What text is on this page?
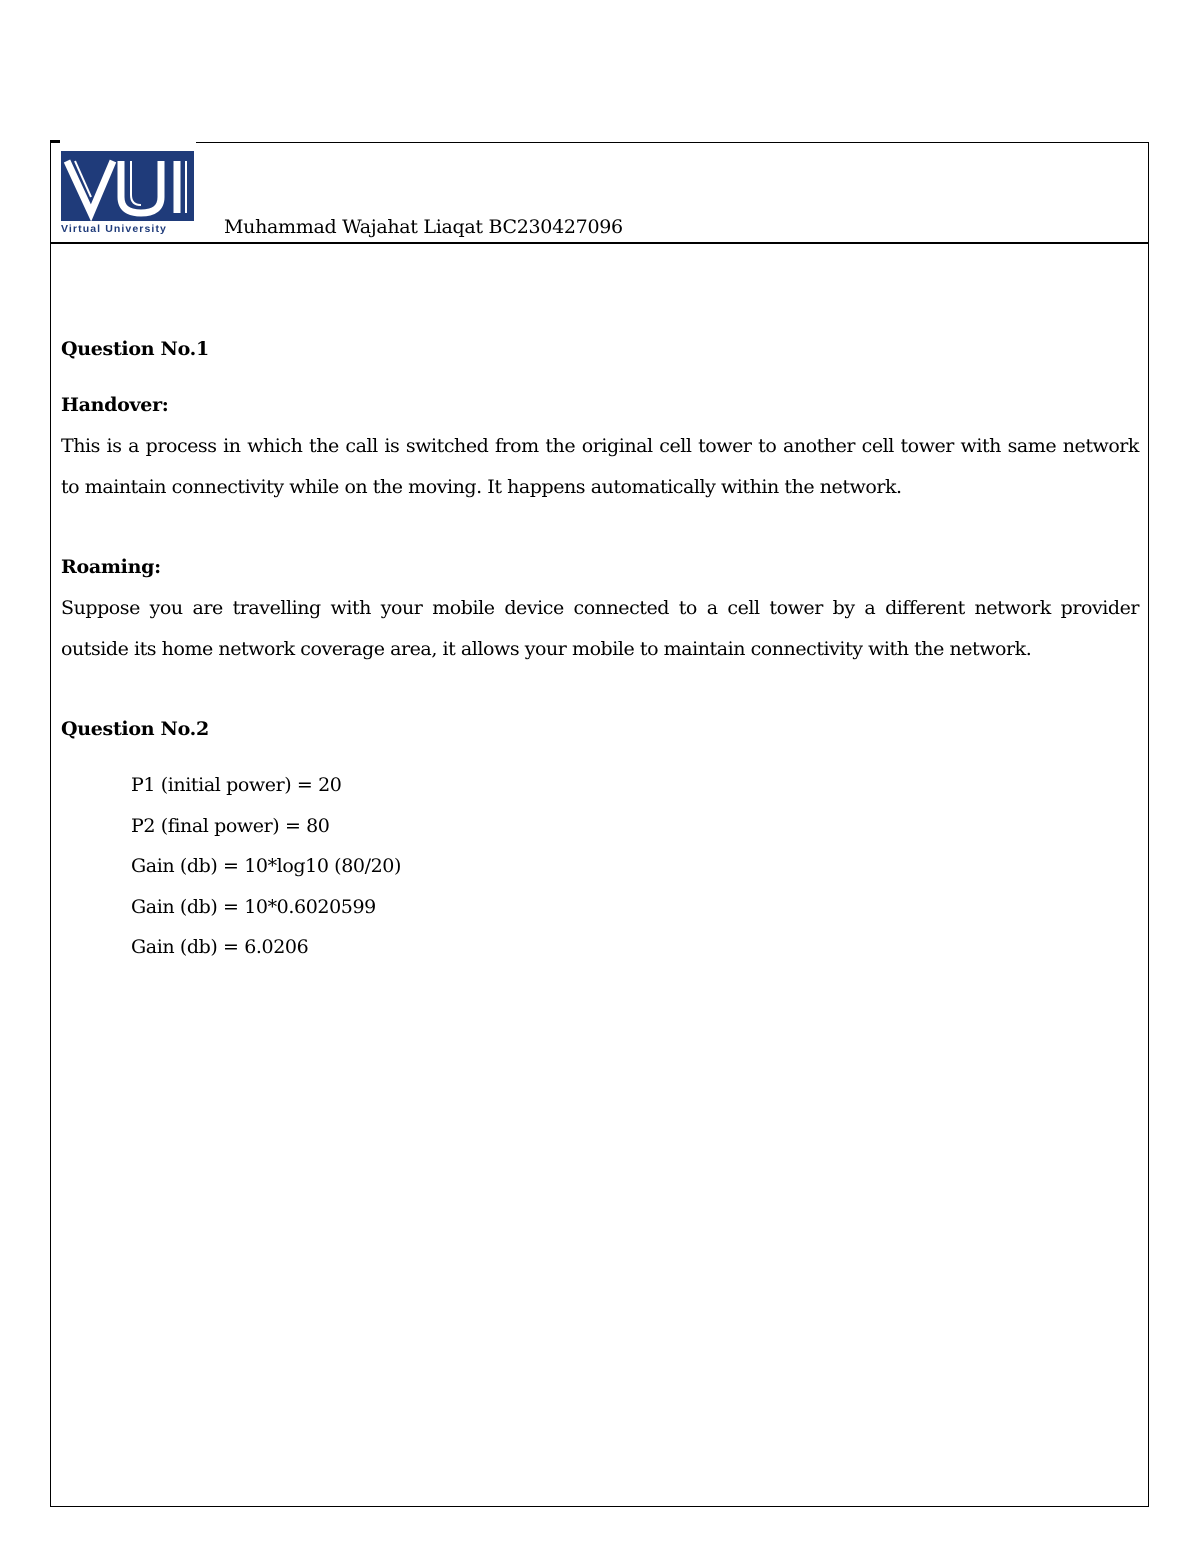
Virtual University	Muhammad Wajahat Liaqat BC230427096

Question No.1

Handover:

This is a process in which the call is switched from the original cell tower to another cell tower with same network to maintain connectivity while on the moving. It happens automatically within the network.

Roaming:

Suppose you are travelling with your mobile device connected to a cell tower by a different network provider outside its home network coverage area, it allows your mobile to maintain connectivity with the network.

Question No.2

P1 (initial power) = 20
P2 (final power) = 80
Gain (db) = 10*log10 (80/20)
Gain (db) = 10*0.6020599
Gain (db) = 6.0206
